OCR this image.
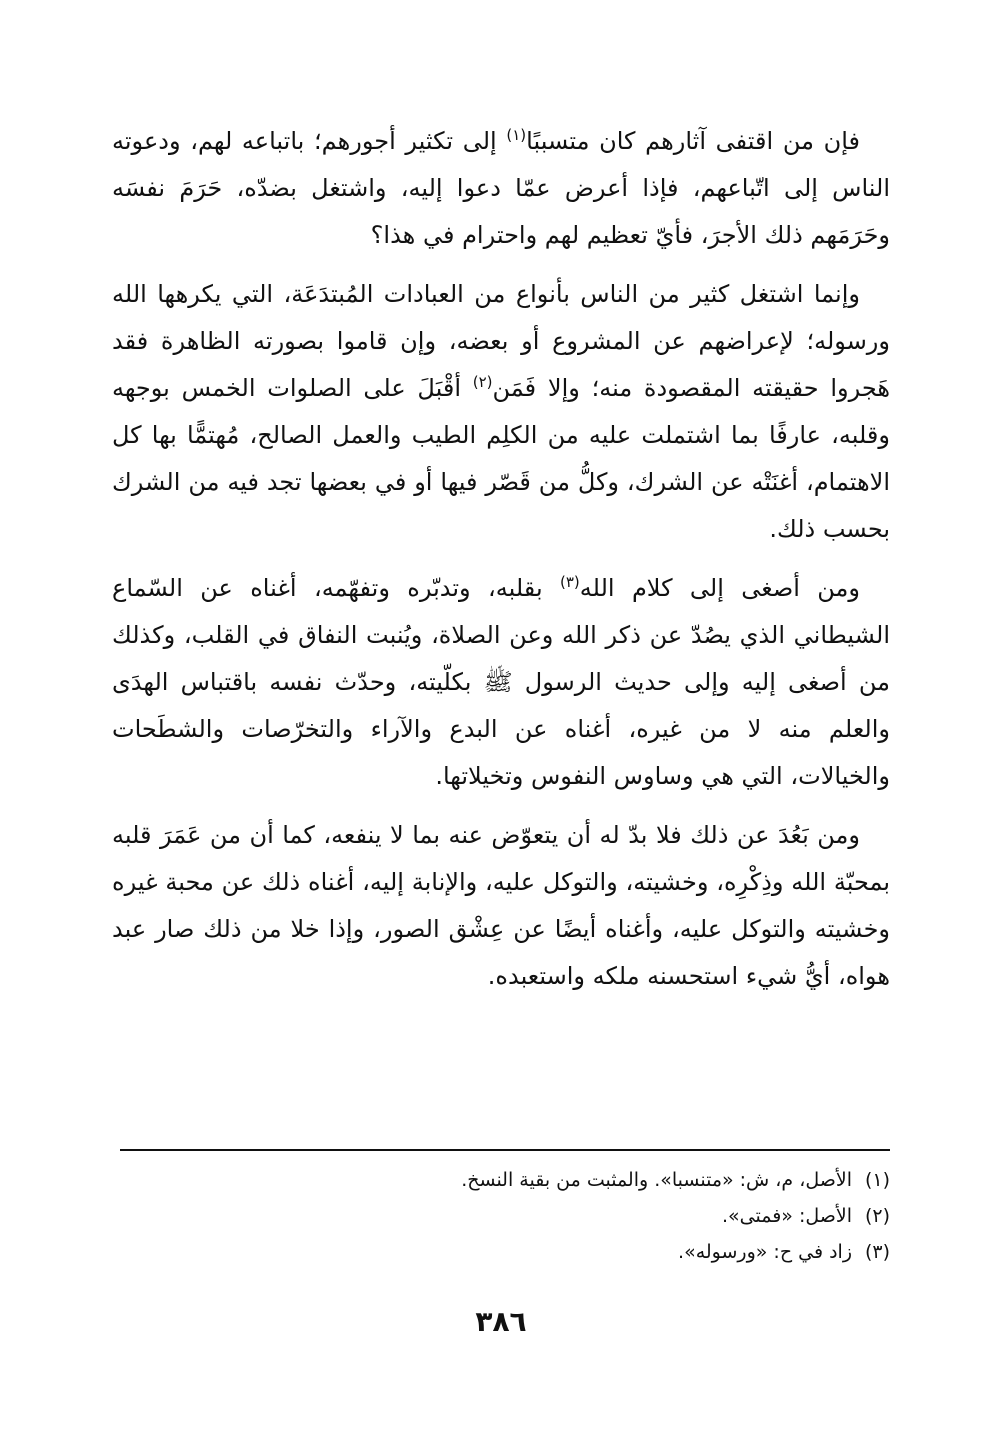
فإن من اقتفى آثارهم كان متسببًا$^{(١)}$ إلى تكثير أجورهم؛ باتباعه لهم، ودعوته الناس إلى اتّباعهم، فإذا أعرض عمّا دعوا إليه، واشتغل بضدّه، حَرَمَ نفسَه وحَرَمَهم ذلك الأجرَ، فأيّ تعظيم لهم واحترام في هذا؟

وإنما اشتغل كثير من الناس بأنواع من العبادات المُبتدَعَة، التي يكرهها الله ورسوله؛ لإعراضهم عن المشروع أو بعضه، وإن قاموا بصورته الظاهرة فقد هَجروا حقيقته المقصودة منه؛ وإلا فَمَن$^{(٢)}$ أقْبَلَ على الصلوات الخمس بوجهه وقلبه، عارفًا بما اشتملت عليه من الكلِم الطيب والعمل الصالح، مُهتمًّا بها كل الاهتمام، أغنَتْه عن الشرك، وكلُّ من قَصّر فيها أو في بعضها تجد فيه من الشرك بحسب ذلك.

ومن أصغى إلى كلام الله$^{(٣)}$ بقلبه، وتدبّره وتفهّمه، أغناه عن السّماع الشيطاني الذي يصُدّ عن ذكر الله وعن الصلاة، ويُنبت النفاق في القلب، وكذلك من أصغى إليه وإلى حديث الرسول ﷺ بكلّيته، وحدّث نفسه باقتباس الهدَى والعلم منه لا من غيره، أغناه عن البدع والآراء والتخرّصات والشطَحات والخيالات، التي هي وساوس النفوس وتخيلاتها.

ومن بَعُدَ عن ذلك فلا بدّ له أن يتعوّض عنه بما لا ينفعه، كما أن من عَمَرَ قلبه بمحبّة الله وذِكْرِه، وخشيته، والتوكل عليه، والإنابة إليه، أغناه ذلك عن محبة غيره وخشيته والتوكل عليه، وأغناه أيضًا عن عِشْق الصور، وإذا خلا من ذلك صار عبد هواه، أيُّ شيء استحسنه ملكه واستعبده.

(١)الأصل، م، ش: «متنسبا». والمثبت من بقية النسخ.
(٢)الأصل: «فمتى».
(٣)زاد في ح: «ورسوله».
٣٨٦
